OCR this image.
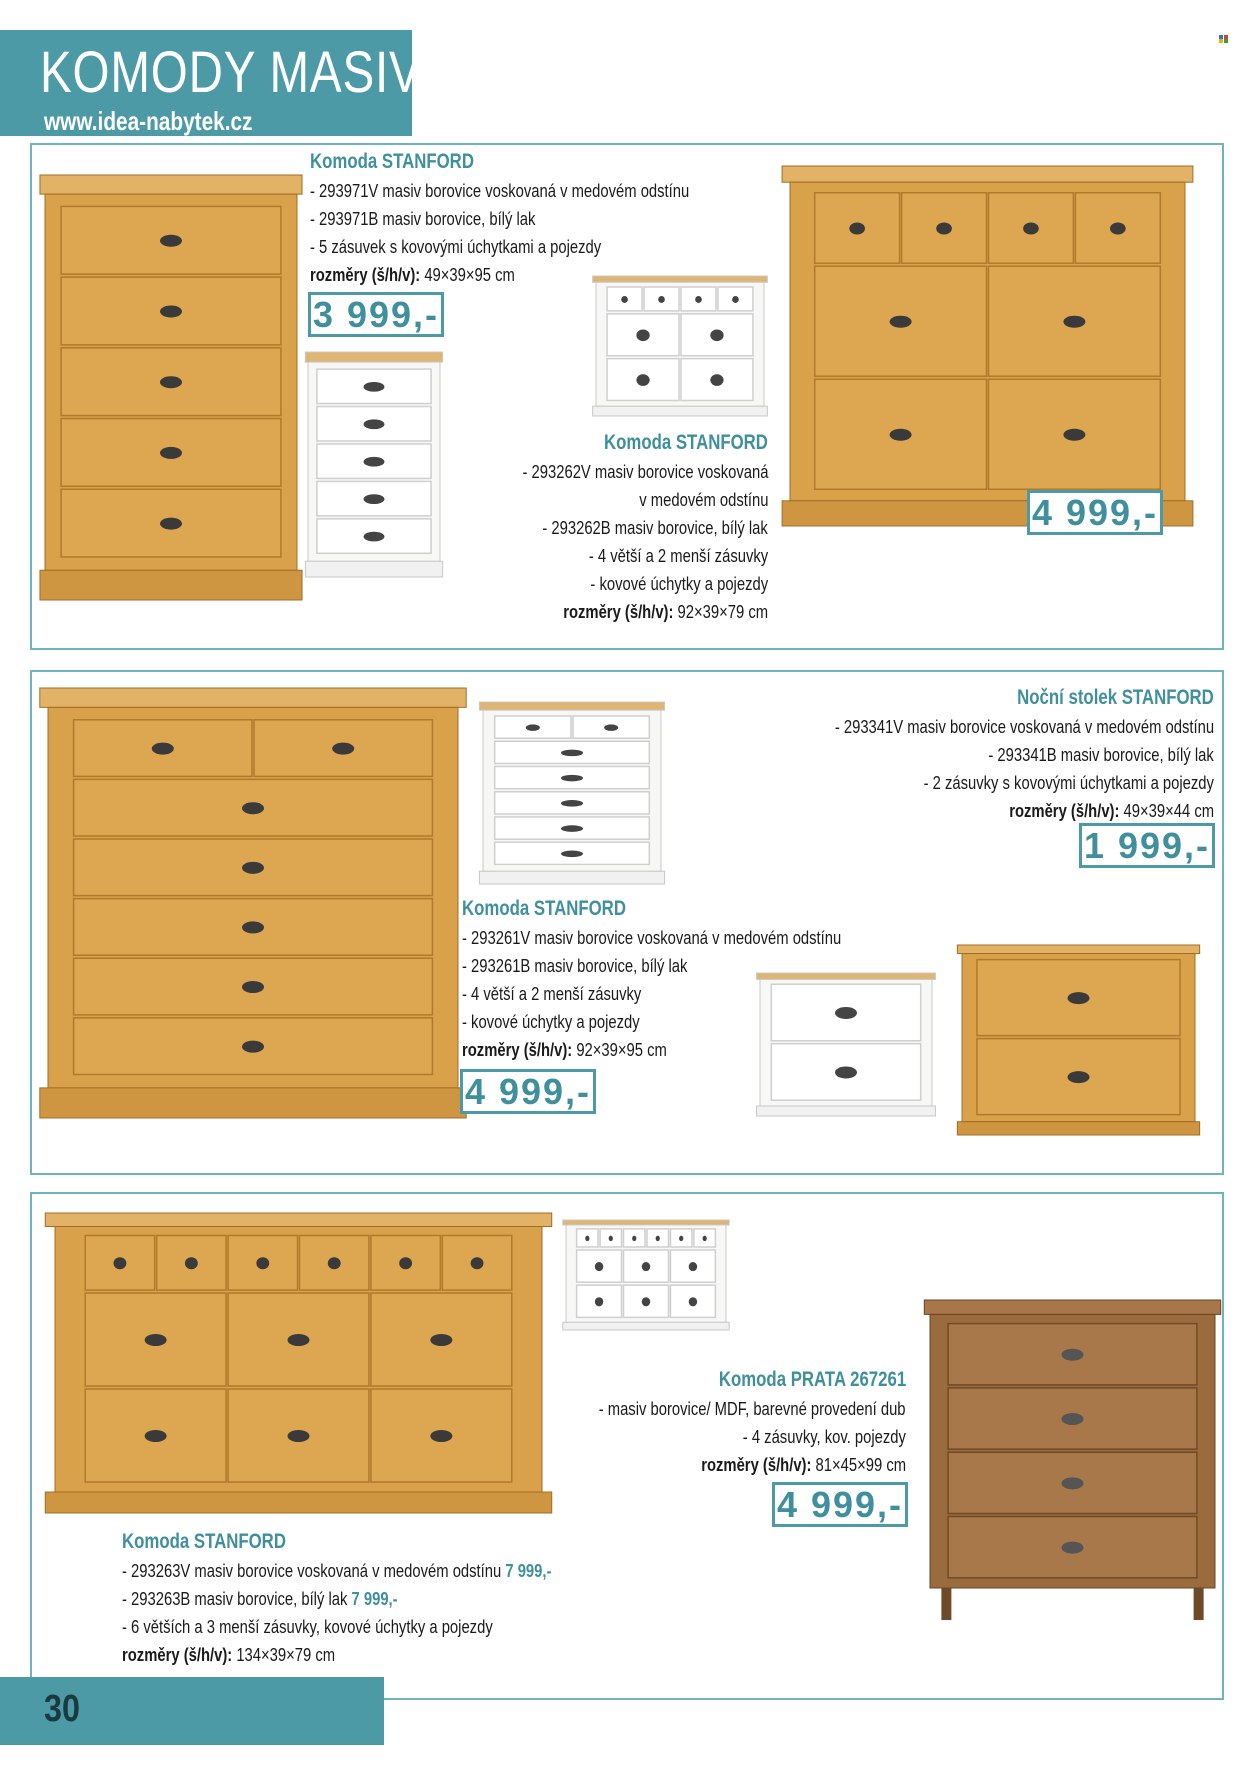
KOMODY MASIV
www.idea-nabytek.cz
Komoda STANFORD
- 293971V masiv borovice voskovaná v medovém odstínu
- 293971B masiv borovice, bílý lak
- 5 zásuvek s kovovými úchytkami a pojezdy
rozměry (š/h/v): 49×39×95 cm
3 999,-
Komoda STANFORD
- 293262V masiv borovice voskovaná
v medovém odstínu
- 293262B masiv borovice, bílý lak
- 4 větší a 2 menší zásuvky
- kovové úchytky a pojezdy
rozměry (š/h/v): 92×39×79 cm
4 999,-
Noční stolek STANFORD
- 293341V masiv borovice voskovaná v medovém odstínu
- 293341B masiv borovice, bílý lak
- 2 zásuvky s kovovými úchytkami a pojezdy
rozměry (š/h/v): 49×39×44 cm
1 999,-
Komoda STANFORD
- 293261V masiv borovice voskovaná v medovém odstínu
- 293261B masiv borovice, bílý lak
- 4 větší a 2 menší zásuvky
- kovové úchytky a pojezdy
rozměry (š/h/v): 92×39×95 cm
4 999,-
Komoda PRATA 267261
- masiv borovice/ MDF, barevné provedení dub
- 4 zásuvky, kov. pojezdy
rozměry (š/h/v): 81×45×99 cm
4 999,-
Komoda STANFORD
- 293263V masiv borovice voskovaná v medovém odstínu 7 999,-
- 293263B masiv borovice, bílý lak 7 999,-
- 6 větších a 3 menší zásuvky, kovové úchytky a pojezdy
rozměry (š/h/v): 134×39×79 cm
30
